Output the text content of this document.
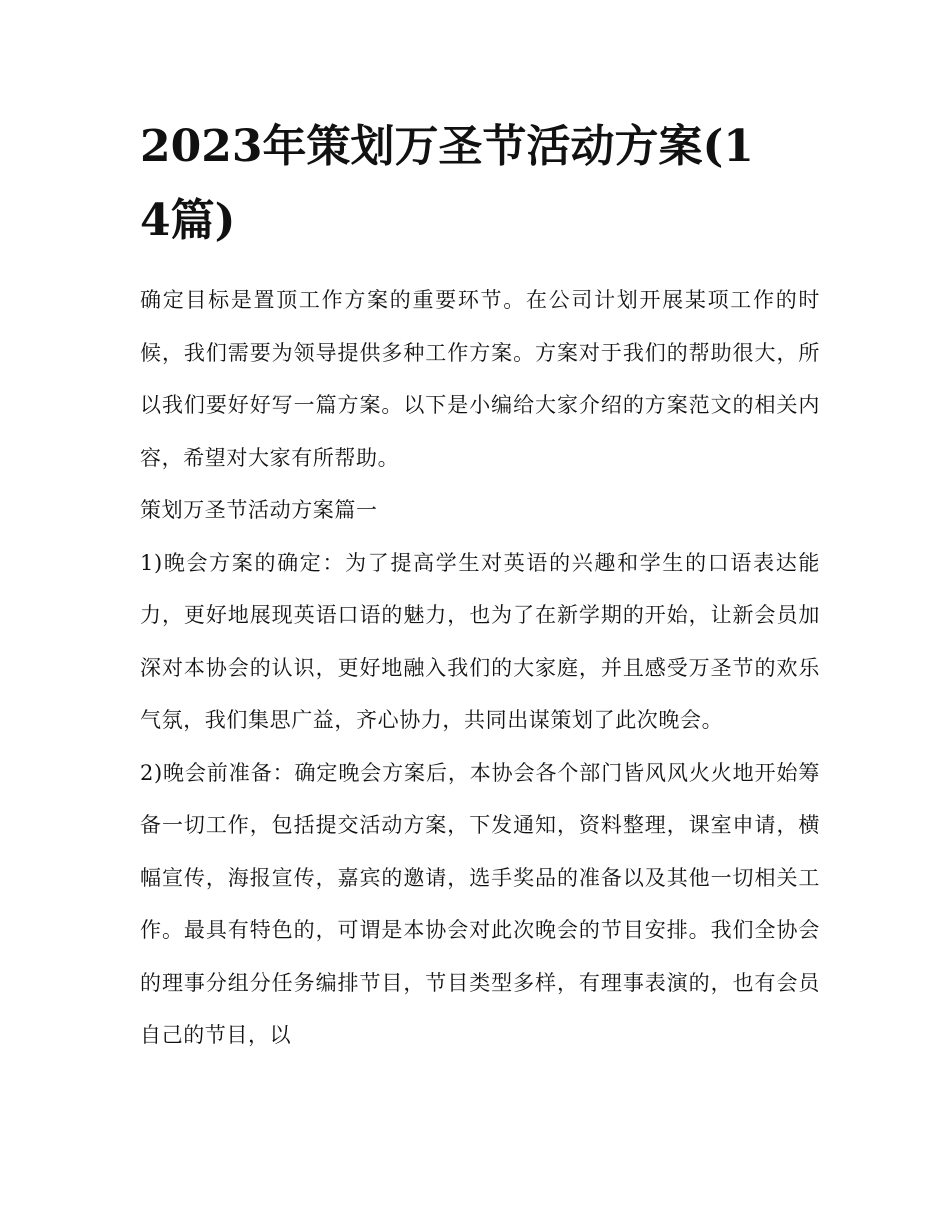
2023年策划万圣节活动方案(14篇)

确定目标是置顶工作方案的重要环节。在公司计划开展某项工作的时候，我们需要为领导提供多种工作方案。方案对于我们的帮助很大，所以我们要好好写一篇方案。以下是小编给大家介绍的方案范文的相关内容，希望对大家有所帮助。

策划万圣节活动方案篇一

1)晚会方案的确定：为了提高学生对英语的兴趣和学生的口语表达能力，更好地展现英语口语的魅力，也为了在新学期的开始，让新会员加深对本协会的认识，更好地融入我们的大家庭，并且感受万圣节的欢乐气氛，我们集思广益，齐心协力，共同出谋策划了此次晚会。

2)晚会前准备：确定晚会方案后，本协会各个部门皆风风火火地开始筹备一切工作，包括提交活动方案，下发通知，资料整理，课室申请，横幅宣传，海报宣传，嘉宾的邀请，选手奖品的准备以及其他一切相关工作。最具有特色的，可谓是本协会对此次晚会的节目安排。我们全协会的理事分组分任务编排节目，节目类型多样，有理事表演的，也有会员自己的节目，以
